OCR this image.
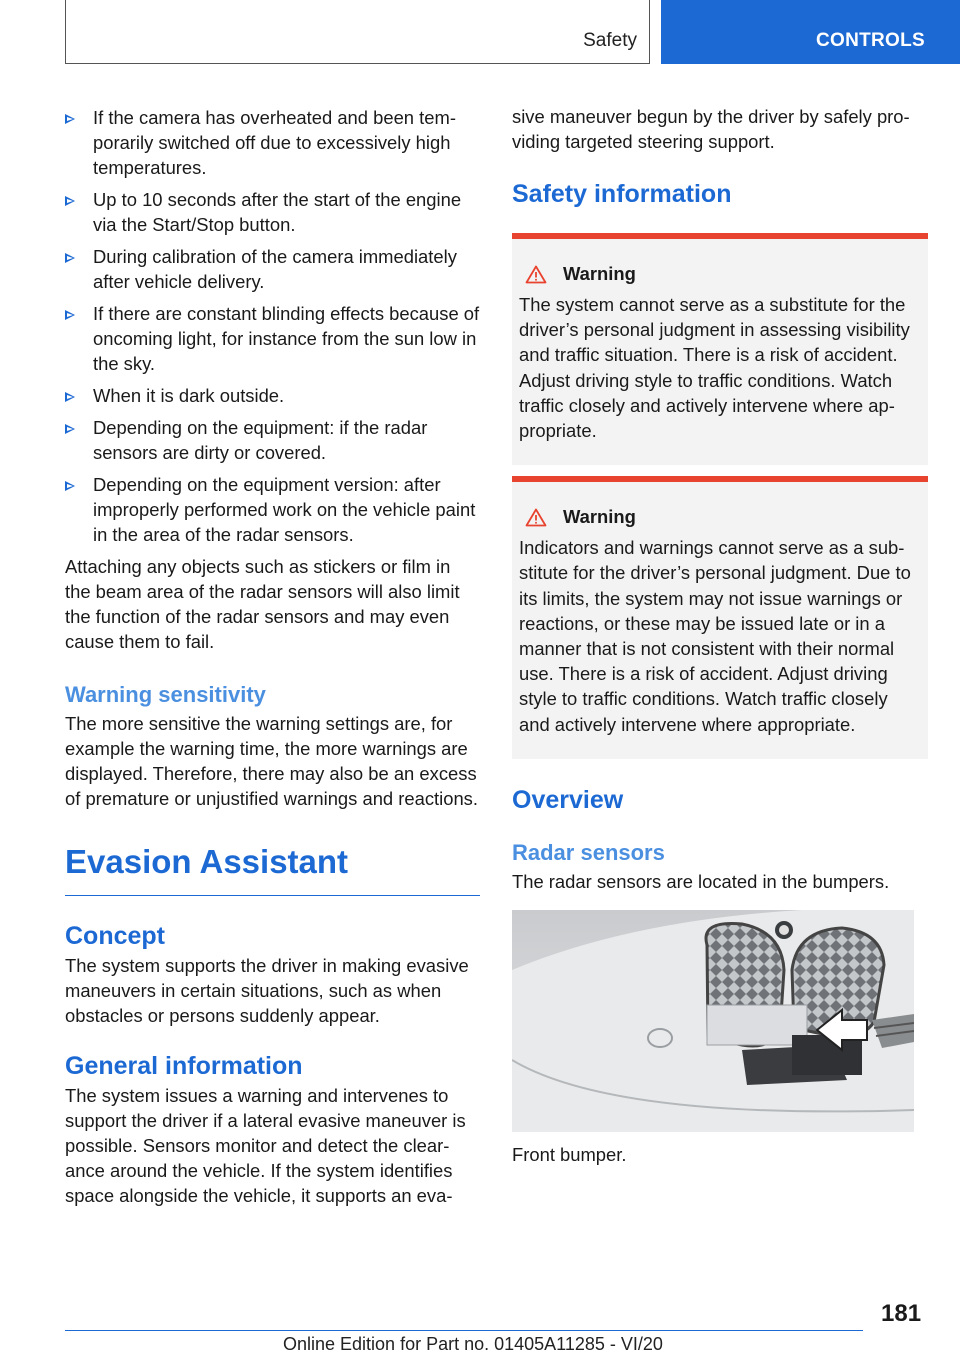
Safety	CONTROLS
If the camera has overheated and been temporarily switched off due to excessively high temperatures.
Up to 10 seconds after the start of the engine via the Start/Stop button.
During calibration of the camera immediately after vehicle delivery.
If there are constant blinding effects because of oncoming light, for instance from the sun low in the sky.
When it is dark outside.
Depending on the equipment: if the radar sensors are dirty or covered.
Depending on the equipment version: after improperly performed work on the vehicle paint in the area of the radar sensors.

Attaching any objects such as stickers or film in the beam area of the radar sensors will also limit the function of the radar sensors and may even cause them to fail.

Warning sensitivity

The more sensitive the warning settings are, for example the warning time, the more warnings are displayed. Therefore, there may also be an excess of premature or unjustified warnings and reactions.

Evasion Assistant
Concept

The system supports the driver in making evasive maneuvers in certain situations, such as when obstacles or persons suddenly appear.

General information

The system issues a warning and intervenes to support the driver if a lateral evasive maneuver is possible. Sensors monitor and detect the clearance around the vehicle. If the system identifies space alongside the vehicle, it supports an eva-

sive maneuver begun by the driver by safely providing targeted steering support.

Safety information
Warning

The system cannot serve as a substitute for the driver’s personal judgment in assessing visibility and traffic situation. There is a risk of accident. Adjust driving style to traffic conditions. Watch traffic closely and actively intervene where appropriate.

Warning

Indicators and warnings cannot serve as a substitute for the driver’s personal judgment. Due to its limits, the system may not issue warnings or reactions, or these may be issued late or in a manner that is not consistent with their normal use. There is a risk of accident. Adjust driving style to traffic conditions. Watch traffic closely and actively intervene where appropriate.

Overview
Radar sensors

The radar sensors are located in the bumpers.

Front bumper.

181
Online Edition for Part no. 01405A11285 - VI/20
